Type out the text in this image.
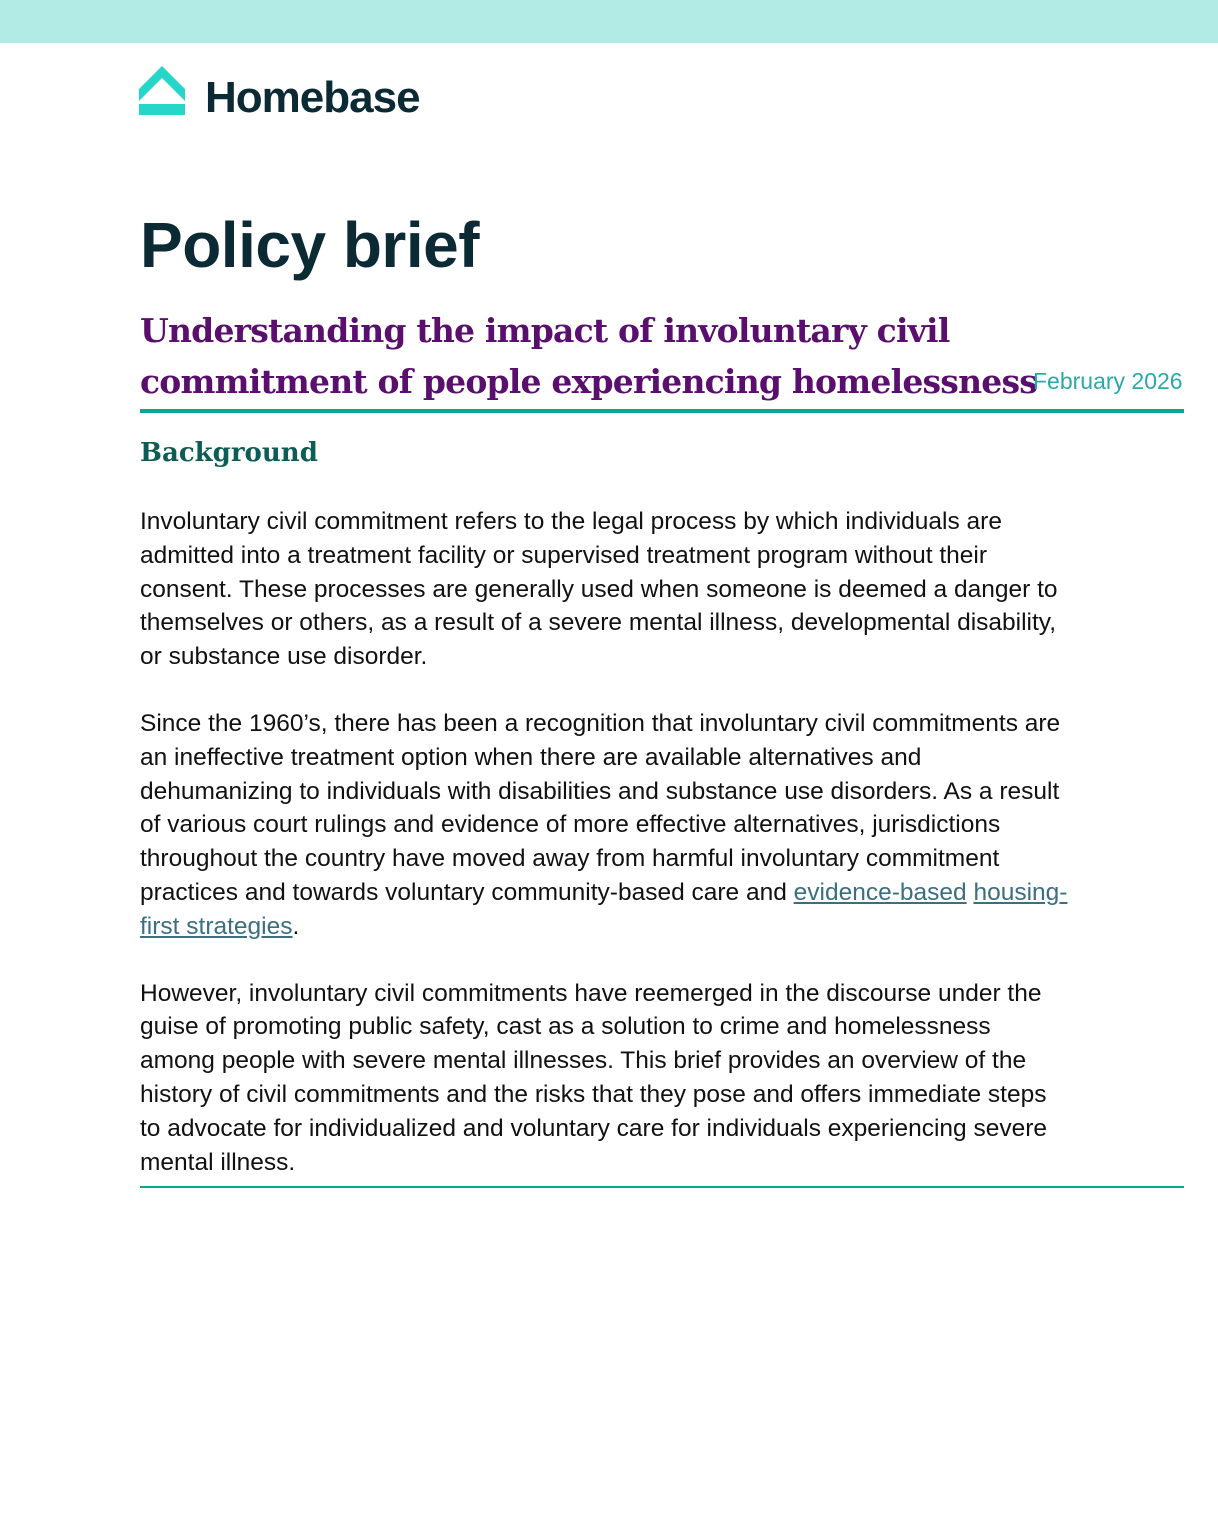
Homebase
Policy brief
Understanding the impact of involuntary civil
commitment of people experiencing homelessness
February 2026
Background

Involuntary civil commitment refers to the legal process by which individuals are
admitted into a treatment facility or supervised treatment program without their
consent. These processes are generally used when someone is deemed a danger to
themselves or others, as a result of a severe mental illness, developmental disability,
or substance use disorder.

Since the 1960’s, there has been a recognition that involuntary civil commitments are
an ineffective treatment option when there are available alternatives and
dehumanizing to individuals with disabilities and substance use disorders. As a result
of various court rulings and evidence of more effective alternatives, jurisdictions
throughout the country have moved away from harmful involuntary commitment
practices and towards voluntary community-based care and evidence-based housing-
first strategies.

However, involuntary civil commitments have reemerged in the discourse under the
guise of promoting public safety, cast as a solution to crime and homelessness
among people with severe mental illnesses. This brief provides an overview of the
history of civil commitments and the risks that they pose and offers immediate steps
to advocate for individualized and voluntary care for individuals experiencing severe
mental illness.
